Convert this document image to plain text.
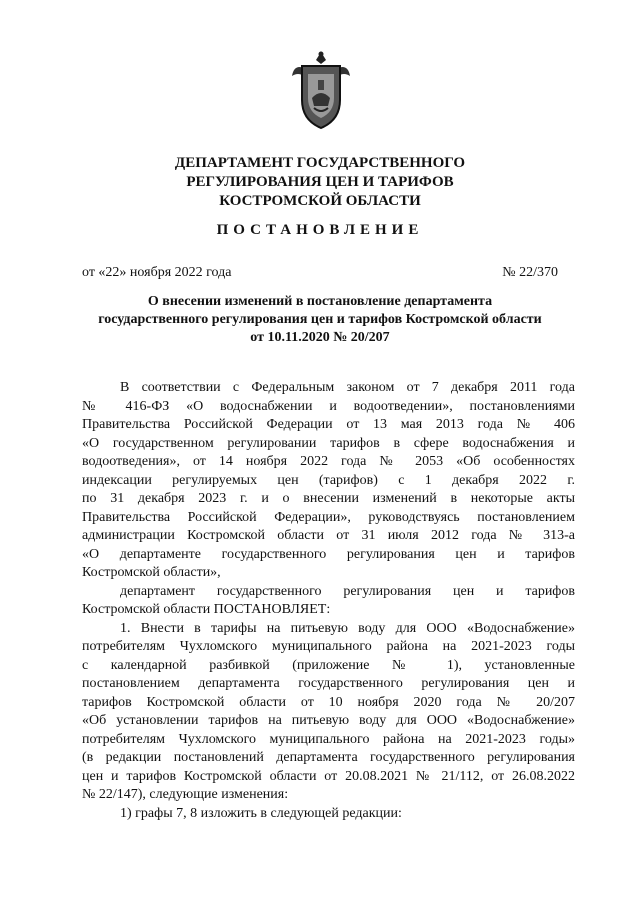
ДЕПАРТАМЕНТ ГОСУДАРСТВЕННОГО
РЕГУЛИРОВАНИЯ ЦЕН И ТАРИФОВ
КОСТРОМСКОЙ ОБЛАСТИ
ПОСТАНОВЛЕНИЕ
от «22» ноября 2022 года	№ 22/370
О внесении изменений в постановление департамента
государственного регулирования цен и тарифов Костромской области
от 10.11.2020 № 20/207
В соответствии с Федеральным законом от 7 декабря 2011 года
№ 416-ФЗ «О водоснабжении и водоотведении», постановлениями
Правительства Российской Федерации от 13 мая 2013 года № 406
«О государственном регулировании тарифов в сфере водоснабжения и
водоотведения», от 14 ноября 2022 года № 2053 «Об особенностях
индексации регулируемых цен (тарифов) с 1 декабря 2022 г.
по 31 декабря 2023 г. и о внесении изменений в некоторые акты
Правительства Российской Федерации», руководствуясь постановлением
администрации Костромской области от 31 июля 2012 года № 313-а
«О департаменте государственного регулирования цен и тарифов
Костромской области»,
департамент государственного регулирования цен и тарифов
Костромской области ПОСТАНОВЛЯЕТ:
1. Внести в тарифы на питьевую воду для ООО «Водоснабжение»
потребителям Чухломского муниципального района на 2021-2023 годы
с календарной разбивкой (приложение № 1), установленные
постановлением департамента государственного регулирования цен и
тарифов Костромской области от 10 ноября 2020 года № 20/207
«Об установлении тарифов на питьевую воду для ООО «Водоснабжение»
потребителям Чухломского муниципального района на 2021-2023 годы»
(в редакции постановлений департамента государственного регулирования
цен и тарифов Костромской области от 20.08.2021 № 21/112, от 26.08.2022
№ 22/147), следующие изменения:
1) графы 7, 8 изложить в следующей редакции:
